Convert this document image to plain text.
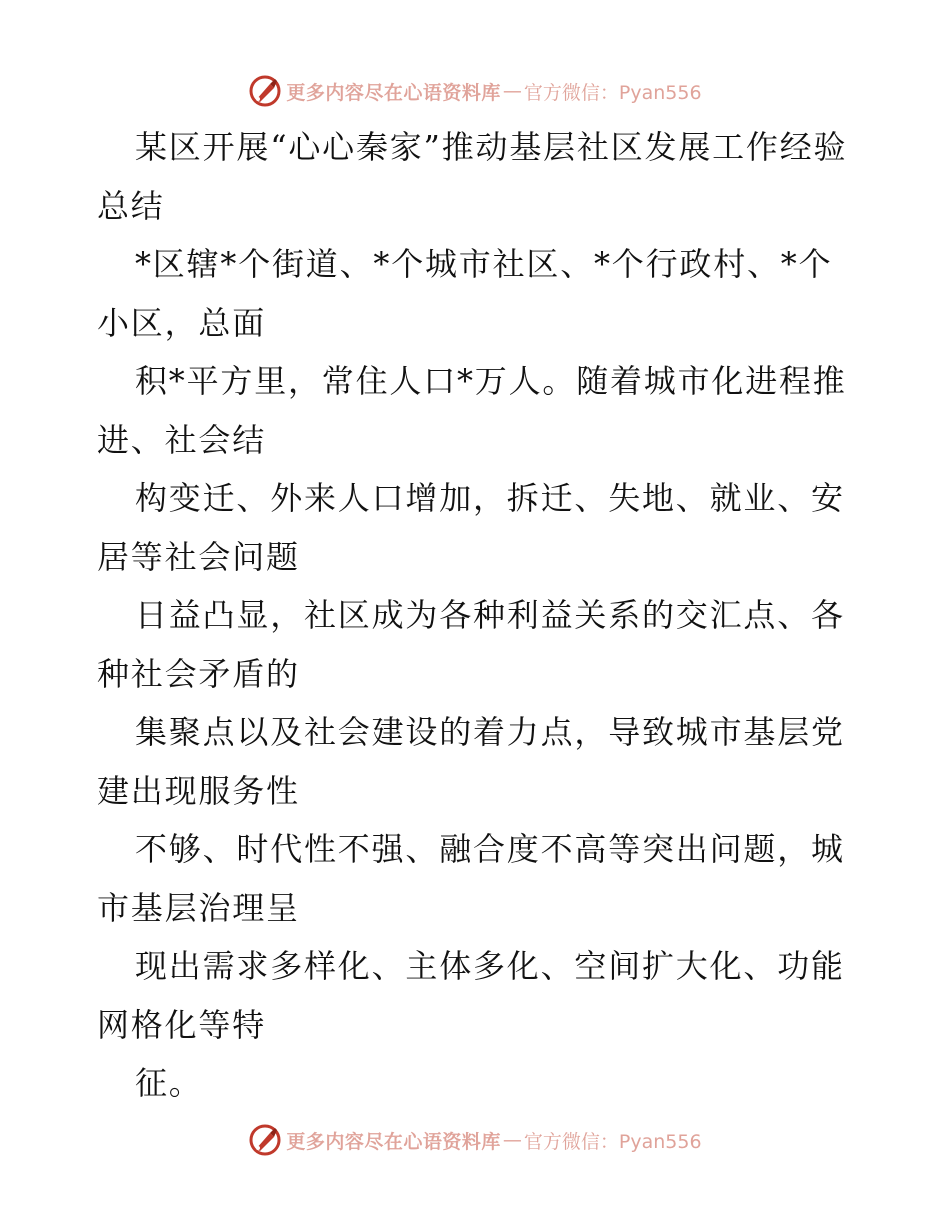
更多内容尽在心语资料库 — 官方微信：Pyan556

某区开展“心心秦家”推动基层社区发展工作经验总结

*区辖*个街道、*个城市社区、*个行政村、*个小区，总面

积*平方里，常住人口*万人。随着城市化进程推进、社会结

构变迁、外来人口增加，拆迁、失地、就业、安居等社会问题

日益凸显，社区成为各种利益关系的交汇点、各种社会矛盾的

集聚点以及社会建设的着力点，导致城市基层党建出现服务性

不够、时代性不强、融合度不高等突出问题，城市基层治理呈

现出需求多样化、主体多化、空间扩大化、功能网格化等特

征。

更多内容尽在心语资料库 — 官方微信：Pyan556
